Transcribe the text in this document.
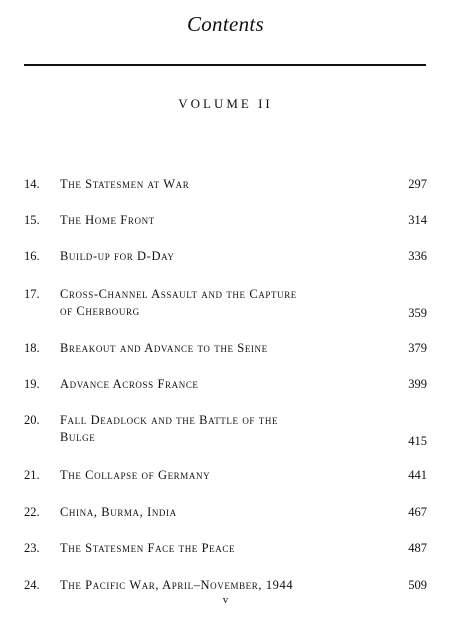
Contents
VOLUME II
14.	The Statesmen at War	297
15.	The Home Front	314
16.	Build-up for D-Day	336
17.	Cross-Channel Assault and the Capture
of Cherbourg	359
18.	Breakout and Advance to the Seine	379
19.	Advance Across France	399
20.	Fall Deadlock and the Battle of the
Bulge	415
21.	The Collapse of Germany	441
22.	China, Burma, India	467
23.	The Statesmen Face the Peace	487
24.	The Pacific War, April–November, 1944	509
v
